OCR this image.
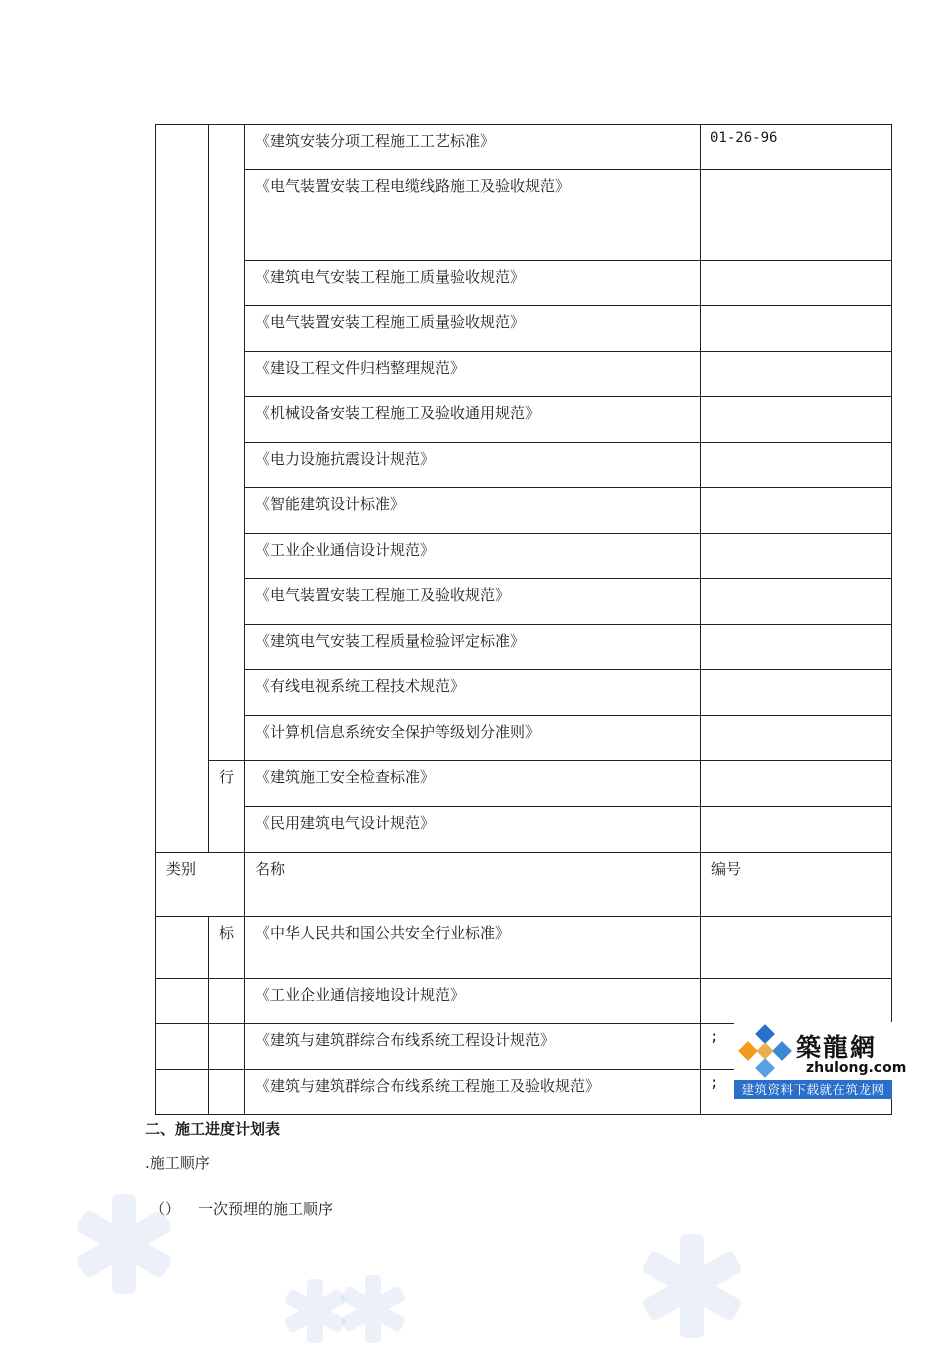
		《建筑安装分项工程施工工艺标准》	01-26-96

		《电气装置安装工程电缆线路施工及验收规范》	

		《建筑电气安装工程施工质量验收规范》	

		《电气装置安装工程施工质量验收规范》	

		《建设工程文件归档整理规范》	

		《机械设备安装工程施工及验收通用规范》	

		《电力设施抗震设计规范》	

		《智能建筑设计标准》	

		《工业企业通信设计规范》	

		《电气装置安装工程施工及验收规范》	

		《建筑电气安装工程质量检验评定标准》	

		《有线电视系统工程技术规范》	

		《计算机信息系统安全保护等级划分准则》	

	行	《建筑施工安全检查标准》	

		《民用建筑电气设计规范》	

类别		名称	编号

	标	《中华人民共和国公共安全行业标准》	

		《工业企业通信接地设计规范》	

		《建筑与建筑群综合布线系统工程设计规范》	;

		《建筑与建筑群综合布线系统工程施工及验收规范》	;
築龍網
zhulong.com
建筑资料下载就在筑龙网
二、施工进度计划表
.施工顺序
（） 一次预埋的施工顺序
